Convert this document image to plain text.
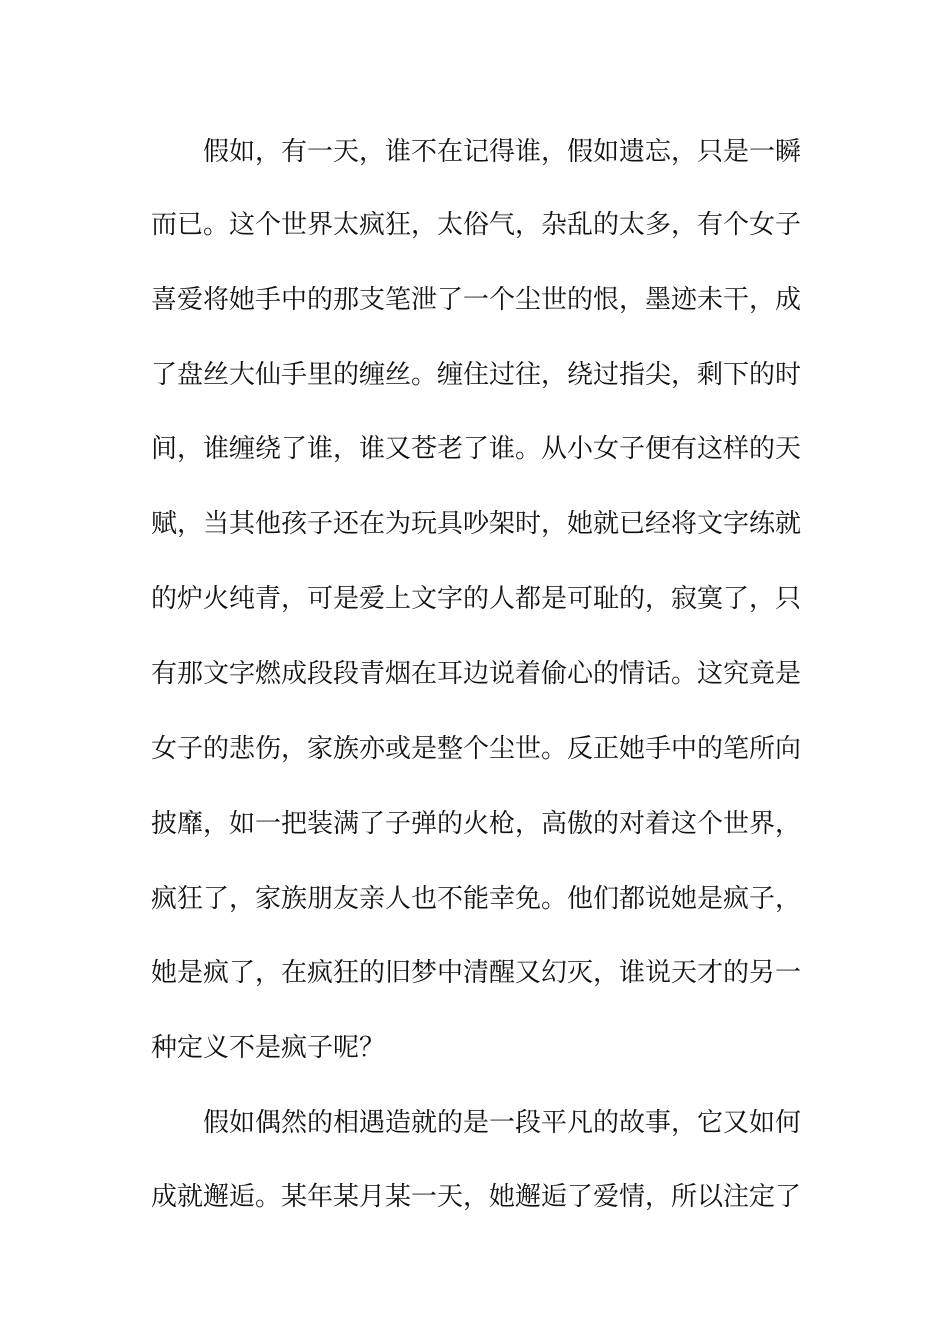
假如，有一天，谁不在记得谁，假如遗忘，只是一瞬
而已。这个世界太疯狂，太俗气，杂乱的太多，有个女子
喜爱将她手中的那支笔泄了一个尘世的恨，墨迹未干，成
了盘丝大仙手里的缠丝。缠住过往，绕过指尖，剩下的时
间，谁缠绕了谁，谁又苍老了谁。从小女子便有这样的天
赋，当其他孩子还在为玩具吵架时，她就已经将文字练就
的炉火纯青，可是爱上文字的人都是可耻的，寂寞了，只
有那文字燃成段段青烟在耳边说着偷心的情话。这究竟是
女子的悲伤，家族亦或是整个尘世。反正她手中的笔所向
披靡，如一把装满了子弹的火枪，高傲的对着这个世界，
疯狂了，家族朋友亲人也不能幸免。他们都说她是疯子，
她是疯了，在疯狂的旧梦中清醒又幻灭，谁说天才的另一
种定义不是疯子呢？
假如偶然的相遇造就的是一段平凡的故事，它又如何
成就邂逅。某年某月某一天，她邂逅了爱情，所以注定了
